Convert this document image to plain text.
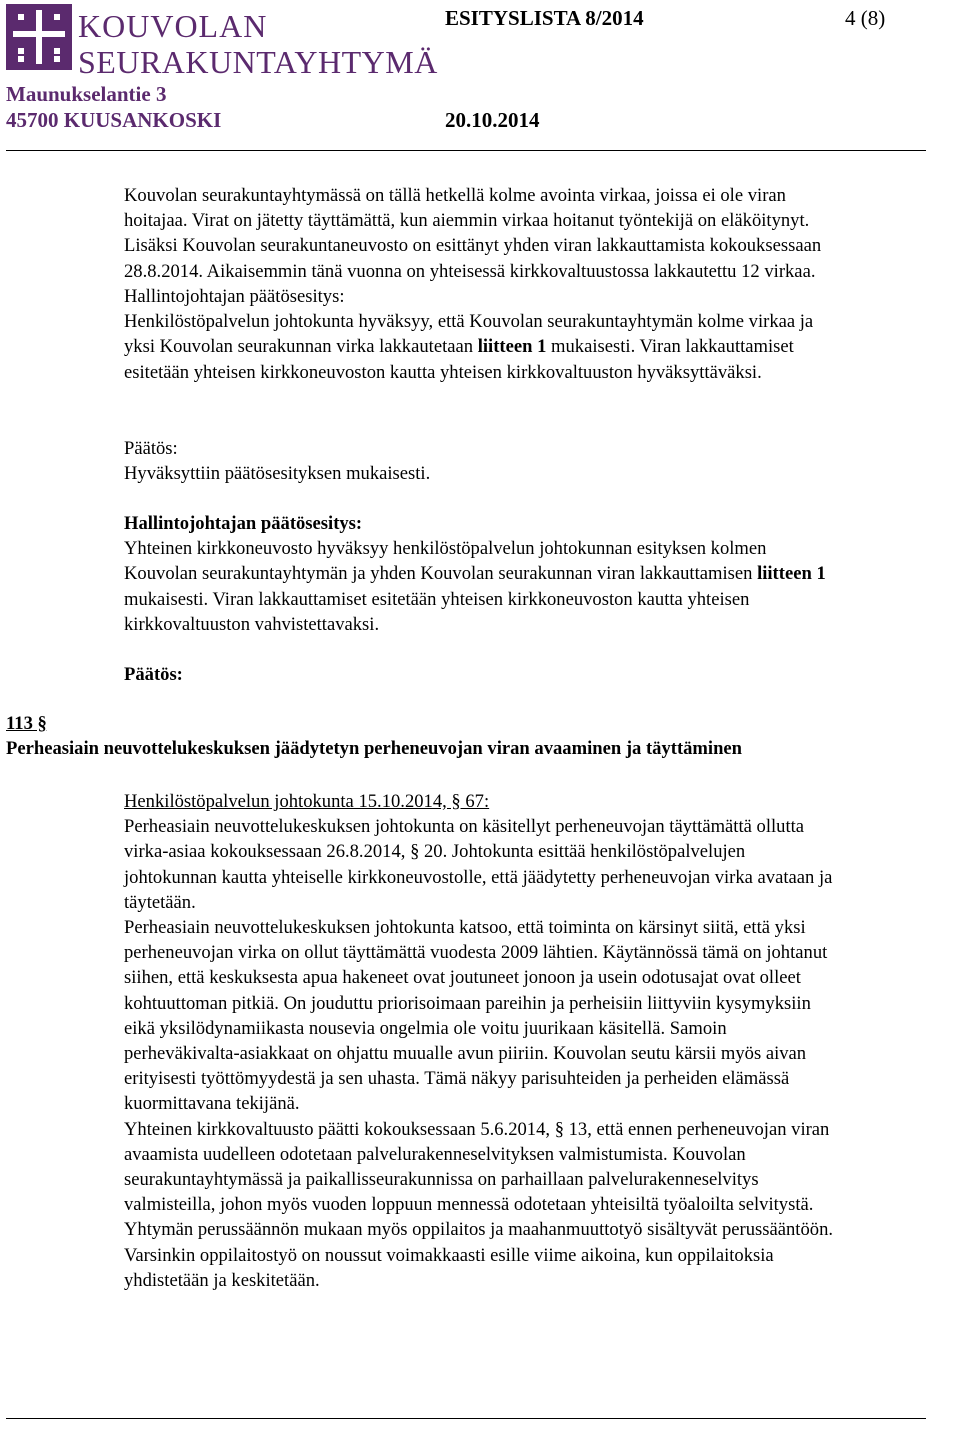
KOUVOLAN
SEURAKUNTAYHTYMÄ
ESITYSLISTA 8/2014	4 (8)
Maunukselantie 3
45700 KUUSANKOSKI	20.10.2014
Kouvolan seurakuntayhtymässä on tällä hetkellä kolme avointa virkaa, joissa ei ole viran
hoitajaa. Virat on jätetty täyttämättä, kun aiemmin virkaa hoitanut työntekijä on eläköitynyt.
Lisäksi Kouvolan seurakuntaneuvosto on esittänyt yhden viran lakkauttamista kokouksessaan
28.8.2014. Aikaisemmin tänä vuonna on yhteisessä kirkkovaltuustossa lakkautettu 12 virkaa.
Hallintojohtajan päätösesitys:
Henkilöstöpalvelun johtokunta hyväksyy, että Kouvolan seurakuntayhtymän kolme virkaa ja
yksi Kouvolan seurakunnan virka lakkautetaan liitteen 1 mukaisesti. Viran lakkauttamiset
esitetään yhteisen kirkkoneuvoston kautta yhteisen kirkkovaltuuston hyväksyttäväksi.
Päätös:
Hyväksyttiin päätösesityksen mukaisesti.
Hallintojohtajan päätösesitys:
Yhteinen kirkkoneuvosto hyväksyy henkilöstöpalvelun johtokunnan esityksen kolmen
Kouvolan seurakuntayhtymän ja yhden Kouvolan seurakunnan viran lakkauttamisen liitteen 1
mukaisesti. Viran lakkauttamiset esitetään yhteisen kirkkoneuvoston kautta yhteisen
kirkkovaltuuston vahvistettavaksi.
Päätös:
113 §
Perheasiain neuvottelukeskuksen jäädytetyn perheneuvojan viran avaaminen ja täyttäminen
Henkilöstöpalvelun johtokunta 15.10.2014, § 67:
Perheasiain neuvottelukeskuksen johtokunta on käsitellyt perheneuvojan täyttämättä ollutta
virka-asiaa kokouksessaan 26.8.2014, § 20. Johtokunta esittää henkilöstöpalvelujen
johtokunnan kautta yhteiselle kirkkoneuvostolle, että jäädytetty perheneuvojan virka avataan ja
täytetään.
Perheasiain neuvottelukeskuksen johtokunta katsoo, että toiminta on kärsinyt siitä, että yksi
perheneuvojan virka on ollut täyttämättä vuodesta 2009 lähtien. Käytännössä tämä on johtanut
siihen, että keskuksesta apua hakeneet ovat joutuneet jonoon ja usein odotusajat ovat olleet
kohtuuttoman pitkiä. On jouduttu priorisoimaan pareihin ja perheisiin liittyviin kysymyksiin
eikä yksilödynamiikasta nousevia ongelmia ole voitu juurikaan käsitellä. Samoin
perheväkivalta-asiakkaat on ohjattu muualle avun piiriin. Kouvolan seutu kärsii myös aivan
erityisesti työttömyydestä ja sen uhasta. Tämä näkyy parisuhteiden ja perheiden elämässä
kuormittavana tekijänä.
Yhteinen kirkkovaltuusto päätti kokouksessaan 5.6.2014, § 13, että ennen perheneuvojan viran
avaamista uudelleen odotetaan palvelurakenneselvityksen valmistumista. Kouvolan
seurakuntayhtymässä ja paikallisseurakunnissa on parhaillaan palvelurakenneselvitys
valmisteilla, johon myös vuoden loppuun mennessä odotetaan yhteisiltä työaloilta selvitystä.
Yhtymän perussäännön mukaan myös oppilaitos ja maahanmuuttotyö sisältyvät perussääntöön.
Varsinkin oppilaitostyö on noussut voimakkaasti esille viime aikoina, kun oppilaitoksia
yhdistetään ja keskitetään.
